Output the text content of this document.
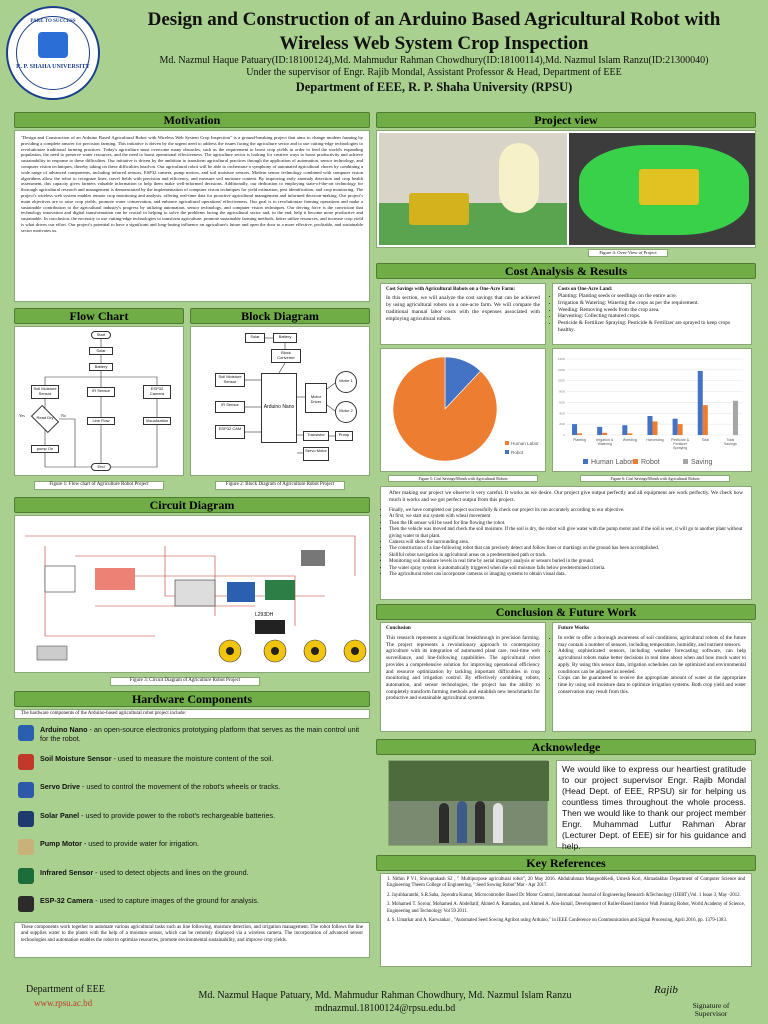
PARE TO SUCCESS
R. P. SHAHA UNIVERSITY
Design and Construction of an Arduino Based Agricultural Robot with
Wireless Web System Crop Inspection
Md. Nazmul Haque Patuary(ID:18100124),Md. Mahmudur Rahman Chowdhury(ID:18100114),Md. Nazmul Islam Ranzu(ID:21300040)
Under the supervisor of Engr. Rajib Mondal, Assistant Professor & Head, Department of EEE
Department of EEE, R. P. Shaha University (RPSU)
Motivation
"Design and Construction of an Arduino Based Agricultural Robot with Wireless Web System Crop Inspection" is a ground-breaking project that aims to change modern farming by providing a complete answer for precision farming. This initiative is driven by the urgent need to address the issues facing the agriculture sector and to use cutting-edge technologies to revolutionize traditional farming practices. Today's agriculture must overcome many obstacles, such as the requirement to boost crop yields in order to feed the world's expanding population, the need to preserve water resources, and the need to boost operational effectiveness. The agriculture sector is looking for creative ways to boost productivity and achieve sustainability in response to these difficulties. Our initiative is driven by the ambition to transform agricultural practices through the application of automation, sensor technology, and computer vision techniques, thereby taking on these difficulties head-on. Our agricultural robot will be able to orchestrate a symphony of automated agricultural chores by combining a wide range of advanced components, including infrared sensors, ESP32 camera, pump motors, and soil moisture sensors. Modern sensor technology combined with computer vision algorithms allow the robot to recognize lines, travel fields with precision and efficiency, and measure soil moisture content. By improving early anomaly detection and crop health assessment, this capacity gives farmers valuable information to help them make well-informed decisions. Additionally, our dedication to employing state-of-the-art technology for thorough agricultural research and management is demonstrated by the implementation of computer vision techniques for yield estimation, pest identification, and crop monitoring. The project's wireless web system enables remote crop monitoring and analysis, offering real-time data for proactive agricultural management and informed decision-making. Our project's main objectives are to raise crop yields, promote water conservation, and enhance agricultural operations' effectiveness. Our goal is to revolutionize farming operations and make a sustainable contribution to the agricultural industry's progress by utilizing automation, sensor technology, and computer vision techniques. Our driving force is the conviction that technology innovation and digital transformation can be crucial in helping to solve the problems facing the agricultural sector and, in the end, help it become more productive and sustainable. In conclusion, the necessity to use cutting-edge technologies to transform agriculture, promote sustainable farming methods, better utilize resources, and increase crop yield is what drives our effort. Our project's potential to have a significant and long-lasting influence on agriculture's future and open the door to a more effective, profitable, and sustainable sector motivates us.
Flow Chart
Start
Solar
Battery
Soil Moisture Sensor
IR Sensor	ESP32 Camera
Read Dry
Line Flow	Visualization
pump On
End
Yes	No
Figure 1: Flow chart of Agriculture Robot Project
Block Diagram
Solar	Battery
Block Converter
Soil Moisture Sensor
IR Sensor
ESP32 CAM
Arduino Nano
Motor Driver
Motor 1
Motor 2
Transistor	Pump
Servo Motor
Figure 2: Block Diagram of Agriculture Robot Project
Circuit Diagram
L293DH
Figure 3: Circuit Diagram of Agriculture Robot Project
Hardware Components
The hardware components of the Arduino-based agricultural robot project include:
Arduino Nano - an open-source electronics prototyping platform that serves as the main control unit for the robot.
Soil Moisture Sensor - used to measure the moisture content of the soil.
Servo Drive - used to control the movement of the robot's wheels or tracks.
Solar Panel - used to provide power to the robot's rechargeable batteries.
Pump Motor - used to provide water for irrigation.
Infrared Sensor - used to detect objects and lines on the ground.
ESP-32 Camera - used to capture images of the ground for analysis.
These components work together to automate various agricultural tasks such as line following, moisture detection, and irrigation management. The robot follows the line and supplies water to the plants with the help of a moisture sensor, which can be remotely displayed via a wireless camera. The incorporation of advanced sensor technologies and automation enables the robot to optimize resources, promote environmental sustainability, and improve crop yields.
Project view
Figure 4: Over-View of Project
Cost Analysis & Results
Cost Savings with Agricultural Robots on a One-Acre Farm:
In this section, we will analyze the cost savings that can be achieved by using agricultural robots on a one-acre farm. We will compare the traditional manual labor costs with the expenses associated with employing agricultural robots.
Costs on One-Acre Land:
• Planting: Planting seeds or seedlings on the entire acre.
• Irrigation & Watering: Watering the crops as per the requirement.
• Weeding: Removing weeds from the crop area.
• Harvesting: Collecting matured crops.
• Pesticide & Fertilizer Spraying: Pesticide & Fertilizer are sprayed to keep crops healthy.
Human Labor
Robot
0
2000
4000
6000
8000
10000
12000
14000
Planting	Irrigation & Watering
Weeding	Harvesting Pesticide & Fertilizer Spraying
Total	Total Savings
Human Labor Robot	Saving
Figure 5: Cost Savings/Month with Agricultural Robots	Figure 6: Cost Savings/Month with Agricultural Robots
After making our project we observe it very careful. It works as we desire. Our project give output perfectly and all equipment are work perfectly. We check how much it works and we got perfect output from this project.
• Finally, we have completed our project successfully & check our project its run accurately according to our objective.
• At first, we start our system with wheal movement
• Then the IR sensor will be used for line flowing the robot.
• Then the vehicle was moved and check the soil moisture. If the soil is dry, the robot will give water with the pump motor and if the soil is wet, it will go to another plant without giving water to that plant.
• Camera will show the surrounding area.
• The construction of a line-following robot that can precisely detect and follow lines or markings on the ground has been accomplished.
• Skillful robot navigation in agricultural areas on a predetermined path or track.
• Monitoring soil moisture levels in real time by aerial imagery analysis or sensors buried in the ground.
• The water spray system is automatically triggered when the soil moisture falls below predetermined criteria.
• The agricultural robot can incorporate cameras or imaging systems to obtain visual data.
Conclusion & Future Work
Conclusion
This research represents a significant breakthrough in precision farming. The project represents a revolutionary approach to contemporary agriculture with its integration of automated plant care, real-time web surveillance, and line-following capabilities. The agricultural robot provides a comprehensive solution for improving operational efficiency and resource optimization by tackling important difficulties in crop monitoring and irrigation control. By effectively combining robots, automation, and sensor technologies, the project has the ability to completely transform farming methods and establish new benchmarks for productive and sustainable agricultural systems.
Future Works
• In order to offer a thorough awareness of soil conditions, agricultural robots of the future may contain a number of sensors, including temperature, humidity, and nutrient sensors.
• Adding sophisticated sensors, including weather forecasting software, can help agricultural robots make better decisions in real time about when and how much water to apply. By using this sensor data, irrigation schedules can be optimized and environmental conditions can be adjusted as needed.
• Crops can be guaranteed to receive the appropriate amount of water at the appropriate time by using soil moisture data to optimize irrigation systems. Both crop yield and water conservation may result from this.
Acknowledge
We would like to express our heartiest gratitude to our project supervisor Engr. Rajib Mondal (Head Dept. of EEE, RPSU) sir for helping us countless times throughout the whole process. Then we would like to thank our project member Engr. Muhammad Lutfur Rahman Abrar (Lecturer Dept. of EEE) sir for his guidance and help.
Key References
1. Nithin P V1, Shivaprakash S2 , " Multipurpose agricultural robot", 20 May 2016. Abdulrahman MangoobKedi, Umesh Kori, Ahmadakbar Department of Computer Science and Engineering Theem College of Engineering, " Seed Sowing Robot"Mar - Apr 2017.
2. Jayabharanthi, S.R.Saha, Jayendra Kumar, Microcontroller Based Dc Motor Control, International Journal of Engineering Research &Technology (IJERT),Vol. 1 Issue 3, May -2012.
3. Mohamed T. Sorour, Mohamed A. Abdellatif, Ahmed A. Ramadan, and Ahmed A. Abo-Ismail, Development of Roller-Based Interior Wall Painting Robot, World Academy of Science, Engineering and Technology Vol 59 2011.
4. S. Umarkar and A. Karwankar , "Automated Seed Sowing Agribot using Arduino," in IEEE Conference on Communication and Signal Processing, April 2016, pp. 1379-1383.
Department of EEE
www.rpsu.ac.bd
Md. Nazmul Haque Patuary, Md. Mahmudur Rahman Chowdhury, Md. Nazmul Islam Ranzu
mdnazmul.18100124@rpsu.edu.bd
Rajib
Signature of Supervisor
